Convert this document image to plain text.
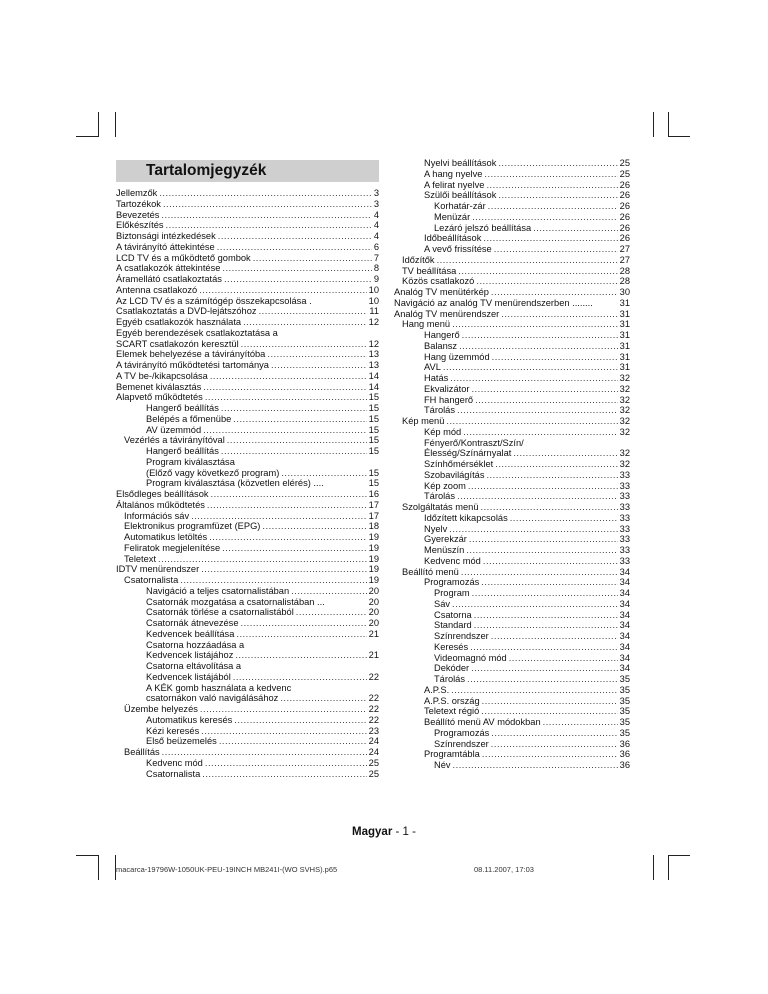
Tartalomjegyzék
Jellemzők .....	3
Tartozékok .....	3
Bevezetés .....	4
Előkészítés .....	4
Biztonsági intézkedések .....	4
A távirányító áttekintése .....	6
LCD TV és a működtető gombok .....	7
A csatlakozók áttekintése .....	8
Áramellátó csatlakoztatás .....	9
Antenna csatlakozó .....	10
Az LCD TV és a számítógép összekapcsolása .	10
Csatlakoztatás a DVD-lejátszóhoz .....	11
Egyéb csatlakozók használata .....	12
Egyéb berendezések csatlakoztatása a
SCART csatlakozón keresztül .....	12
Elemek behelyezése a távirányítóba .....	13
A távirányító működtetési tartománya .....	13
A TV be-/kikapcsolása .....	14
Bemenet kiválasztás .....	14
Alapvető működtetés .....	15
Hangerő beállítás .....	15
Belépés a főmenübe .....	15
AV üzemmód .....	15
Vezérlés a távirányítóval .....	15
Hangerő beállítás .....	15
Program kiválasztása
(Előző vagy következő program) .....	15
Program kiválasztása (közvetlen elérés) ....	15
Elsődleges beállítások .....	16
Általános működtetés .....	17
Információs sáv .....	17
Elektronikus programfüzet (EPG) .....	18
Automatikus letöltés .....	19
Feliratok megjelenítése .....	19
Teletext .....	19
IDTV menürendszer .....	19
Csatornalista .....	19
Navigáció a teljes csatornalistában .....	20
Csatornák mozgatása a csatornalistában ...	20
Csatornák törlése a csatornalistából .....	20
Csatornák átnevezése .....	20
Kedvencek beállítása .....	21
Csatorna hozzáadása a
Kedvencek listájához .....	21
Csatorna eltávolítása a
Kedvencek listájából .....	22
A KÉK gomb használata a kedvenc
csatornákon való navigálásához .....	22
Üzembe helyezés .....	22
Automatikus keresés .....	22
Kézi keresés .....	23
Első beüzemelés .....	24
Beállítás .....	24
Kedvenc mód .....	25
Csatornalista .....	25
Nyelvi beállítások .....	25
A hang nyelve .....	25
A felirat nyelve .....	26
Szülői beállítások .....	26
Korhatár-zár .....	26
Menüzár .....	26
Lezáró jelszó beállítása .....	26
Időbeállítások .....	26
A vevő frissítése .....	27
Időzítők .....	27
TV beállítása .....	28
Közös csatlakozó .....	28
Analóg TV menütérkép .....	30
Navigáció az analóg TV menürendszerben ........	31
Analóg TV menürendszer .....	31
Hang menü .....	31
Hangerő .....	31
Balansz .....	31
Hang üzemmód .....	31
AVL .....	31
Hatás .....	32
Ekvalizátor .....	32
FH hangerő .....	32
Tárolás .....	32
Kép menü .....	32
Kép mód .....	32
Fényerő/Kontraszt/Szín/
Élesség/Színárnyalat .....	32
Színhőmérséklet .....	32
Szobavilágítás .....	33
Kép zoom .....	33
Tárolás .....	33
Szolgáltatás menü .....	33
Időzített kikapcsolás .....	33
Nyelv .....	33
Gyerekzár .....	33
Menüszín .....	33
Kedvenc mód .....	33
Beállító menü .....	34
Programozás .....	34
Program .....	34
Sáv .....	34
Csatorna .....	34
Standard .....	34
Színrendszer .....	34
Keresés .....	34
Videomagnó mód .....	34
Dekóder .....	34
Tárolás .....	35
A.P.S. .....	35
A.P.S. ország .....	35
Teletext régió .....	35
Beállító menü AV módokban .....	35
Programozás .....	35
Színrendszer .....	36
Programtábla .....	36
Név .....	36
Magyar - 1 -
macarca-19796W-1050UK-PEU-19INCH MB241I-(WO SVHS).p65	08.11.2007, 17:03
